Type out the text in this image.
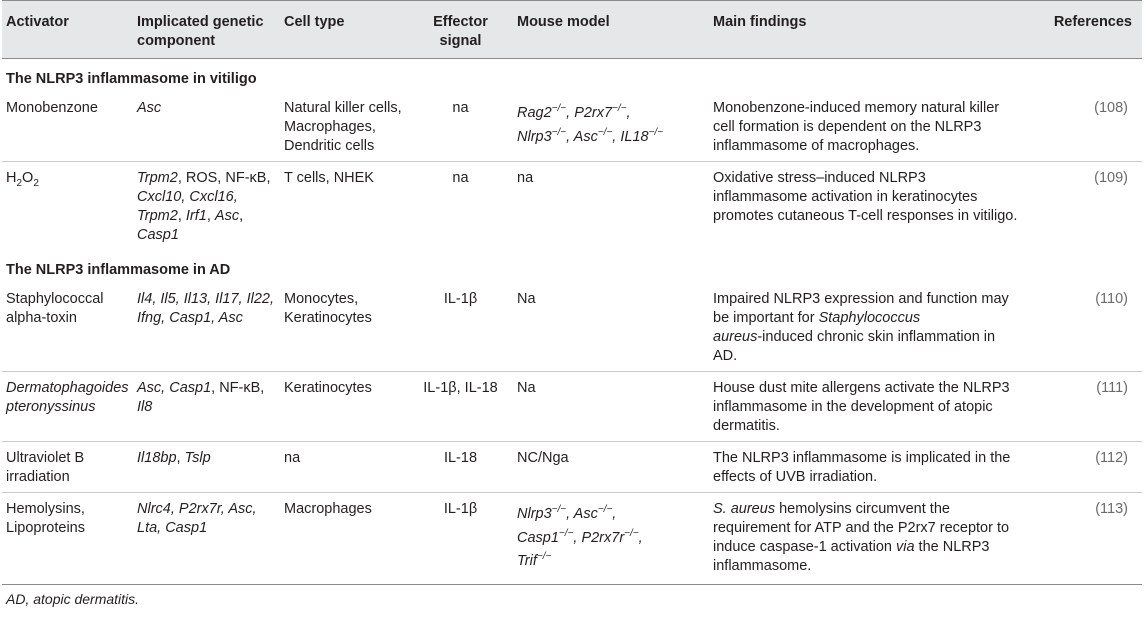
Activator	Implicated genetic component	Cell type	Effector signal	Mouse model	Main findings	References
The NLRP3 inflammasome in vitiligo						
Monobenzone	Asc	Natural killer cells,
Macrophages,
Dendritic cells	na	Rag2−/−, P2rx7−/−,
Nlrp3−/−, Asc−/−, IL18−/−	Monobenzone-induced memory natural killer
cell formation is dependent on the NLRP3
inflammasome of macrophages.	(108)
$H_2O_2$	Trpm2, ROS, NF-κB,
Cxcl10, Cxcl16,
Trpm2, Irf1, Asc,
Casp1	T cells, NHEK	na	na	Oxidative stress–induced NLRP3
inflammasome activation in keratinocytes
promotes cutaneous T-cell responses in vitiligo.	(109)
The NLRP3 inflammasome in AD						
Staphylococcal
alpha-toxin	Il4, Il5, Il13, Il17, Il22,
Ifng, Casp1, Asc	Monocytes,
Keratinocytes	IL-1β	Na	Impaired NLRP3 expression and function may
be important for Staphylococcus
aureus-induced chronic skin inflammation in
AD.	(110)
Dermatophagoides
pteronyssinus	Asc, Casp1, NF-κB,
Il8	Keratinocytes	IL-1β, IL-18	Na	House dust mite allergens activate the NLRP3
inflammasome in the development of atopic
dermatitis.	(111)
Ultraviolet B
irradiation	Il18bp, Tslp	na	IL-18	NC/Nga	The NLRP3 inflammasome is implicated in the
effects of UVB irradiation.	(112)
Hemolysins,
Lipoproteins	Nlrc4, P2rx7r, Asc,
Lta, Casp1	Macrophages	IL-1β	Nlrp3−/−, Asc−/−,
Casp1−/−, P2rx7r−/−,
Trif−/−	S. aureus hemolysins circumvent the
requirement for ATP and the P2rx7 receptor to
induce caspase-1 activation via the NLRP3
inflammasome.	(113)
AD, atopic dermatitis.
